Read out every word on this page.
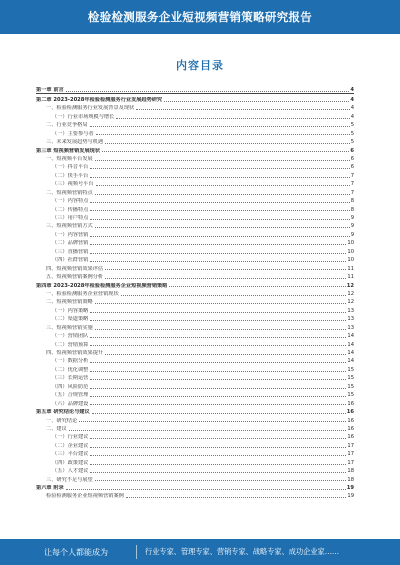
检验检测服务企业短视频营销策略研究报告
内容目录
第一章 前言	4
第二章 2023-2028年检验检测服务行业发展趋势研究	4
一、检验检测服务行业发展背景及现状	4
（一）行业市场规模与增长	4
二、行业竞争格局	5
（一）主要参与者	5
三、未来发展趋势与机遇	5
第三章 短视频营销发展现状	6
一、短视频平台发展	6
（一）抖音平台	6
（二）快手平台	7
（三）视频号平台	7
二、短视频营销特点	7
（一）内容特点	8
（二）传播特点	8
（三）用户特点	9
三、短视频营销方式	9
（一）内容营销	9
（二）品牌营销	10
（三）直播营销	10
（四）社群营销	10
四、短视频营销效果评估	11
五、短视频营销案例分析	11
第四章 2023-2028年检验检测服务企业短视频营销策略	12
一、检验检测服务企业营销现状	12
二、短视频营销策略	12
（一）内容策略	13
（二）渠道策略	13
三、短视频营销实施	13
（一）营销团队	14
（二）营销预算	14
四、短视频营销效果提升	14
（一）数据分析	14
（二）优化调整	15
（三）长期运营	15
（四）风险防范	15
（五）合规管理	15
（六）品牌建设	16
第五章 研究结论与建议	16
一、研究结论	16
二、建议	16
（一）行业建议	16
（二）企业建议	17
（三）平台建议	17
（四）政策建议	17
（五）人才建议	18
三、研究不足与展望	18
第六章 附录	19
检验检测服务企业短视频营销案例	19
让每个人都能成为	行业专家、管理专家、营销专家、战略专家、成功企业家……
